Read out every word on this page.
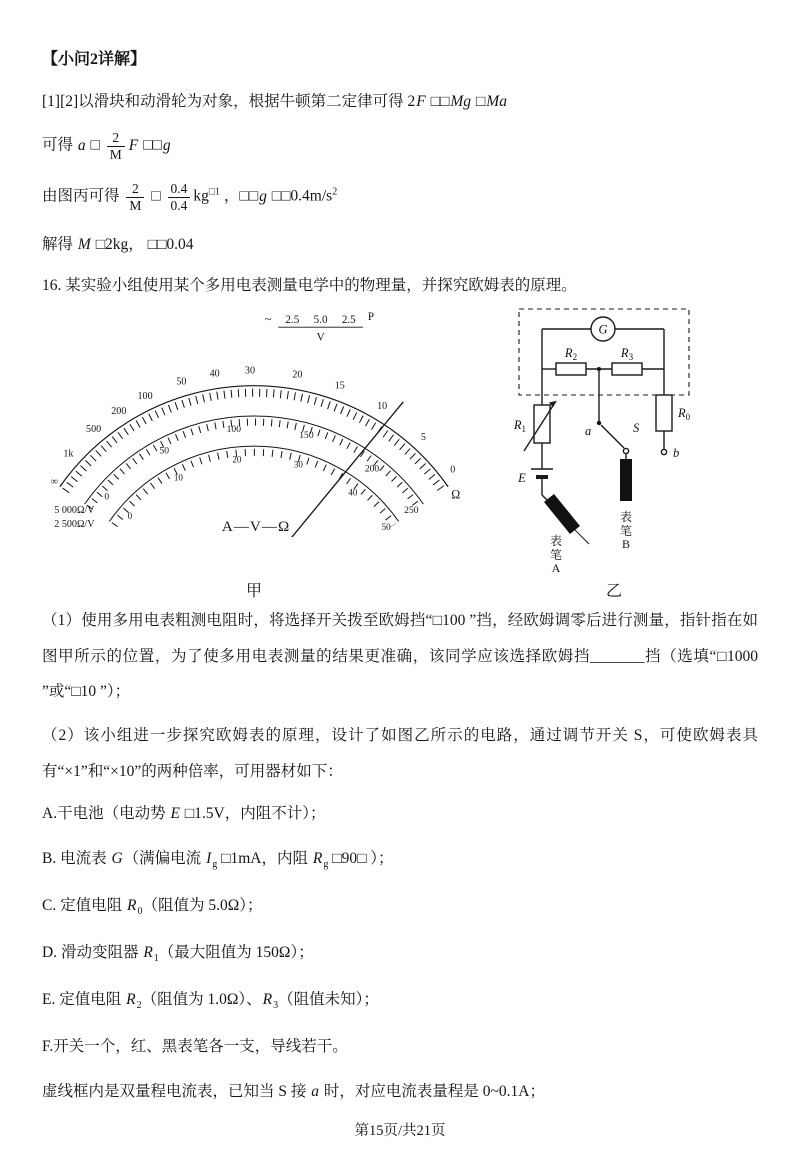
【小问2详解】

[1][2]以滑块和动滑轮为对象，根据牛顿第二定律可得 2F □□Mg □Ma

可得 a □ $\frac{2}{M}$ F □□g

由图丙可得 $\frac{2}{M}$ □ $\frac{0.4}{0.4} kg^{□1}$ ，□□g $□□0.4m/s^2$

解得 M □2kg， □□0.04

16. 某实验小组使用某个多用电表测量电学中的物理量，并探究欧姆表的原理。

~ 2.5 5.0 2.5 P
V
∞
1k
500
200
100
50
40	30	20
15
10
5
0
Ω
0
50
100
150
200
250
0
10
20
30
40
50
5 000Ω/V
2 500Ω/V	A—V—Ω
甲
G
$R_2$	$R_3$
$R_1$
$R_0$
E
a	S
b
表
笔
A
表
笔
B
乙

（1）使用多用电表粗测电阻时，将选择开关拨至欧姆挡“□100 ”挡，经欧姆调零后进行测量，指针指在如图甲所示的位置，为了使多用电表测量的结果更准确，该同学应该选择欧姆挡_______挡（选填“□1000 ”或“□10 ”）；

（2）该小组进一步探究欧姆表的原理，设计了如图乙所示的电路，通过调节开关 S，可使欧姆表具有“×1”和“×10”的两种倍率，可用器材如下：

A.干电池（电动势 E □1.5V，内阻不计）；

B. 电流表 G（满偏电流 $I_g$ □1mA，内阻 $R_g$ □90□ ）；

C. 定值电阻 $R_0$（阻值为 5.0Ω）；

D. 滑动变阻器 $R_1$（最大阻值为 150Ω）；

E. 定值电阻 $R_2$（阻值为 1.0Ω）、$R_3$（阻值未知）；

F.开关一个，红、黑表笔各一支，导线若干。

虚线框内是双量程电流表，已知当 S 接 a 时，对应电流表量程是 0~0.1A；

第15页/共21页
